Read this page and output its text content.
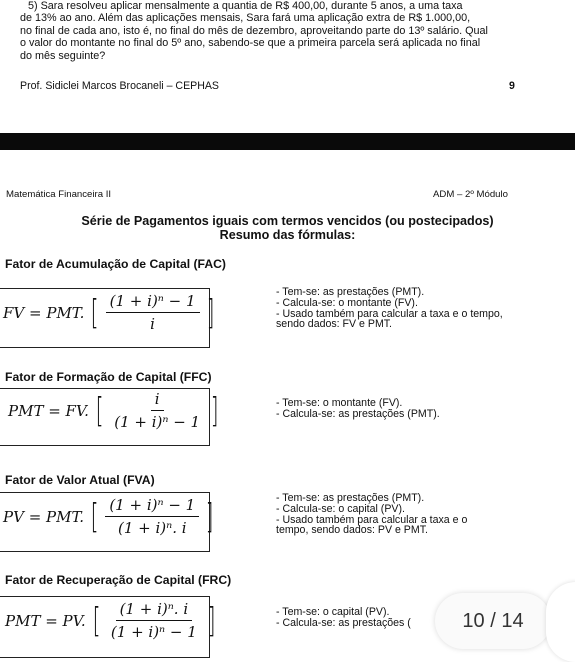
5) Sara resolveu aplicar mensalmente a quantia de R$ 400,00, durante 5 anos, a uma taxa
de 13% ao ano. Além das aplicações mensais, Sara fará uma aplicação extra de R$ 1.000,00,
no final de cada ano, isto é, no final do mês de dezembro, aproveitando parte do 13º salário. Qual
o valor do montante no final do 5º ano, sabendo-se que a primeira parcela será aplicada no final
do mês seguinte?
Prof. Sidiclei Marcos Brocaneli – CEPHAS	9
Matemática Financeira II	ADM – 2º Módulo
Série de Pagamentos iguais com termos vencidos (ou postecipados)
Resumo das fórmulas:
Fator de Acumulação de Capital (FAC)
FV = PMT. [ $\frac{\text{(1 + i)ⁿ − 1}}{i}$ ]
- Tem-se: as prestações (PMT).
- Calcula-se: o montante (FV).
- Usado também para calcular a taxa e o tempo,
sendo dados: FV e PMT.
Fator de Formação de Capital (FFC)
PMT = FV. [ $\frac{i}{\text{(1 + i)ⁿ − 1}}$ ]	- Tem-se: o montante (FV).
- Calcula-se: as prestações (PMT).
Fator de Valor Atual (FVA)
PV = PMT. [ $\frac{\text{(1 + i)ⁿ − 1}}{\text{(1 + i)ⁿ. i}}$ ]	- Tem-se: as prestações (PMT).
- Calcula-se: o capital (PV).
- Usado também para calcular a taxa e o
tempo, sendo dados: PV e PMT.
Fator de Recuperação de Capital (FRC)
PMT = PV. [ $\frac{\text{(1 + i)ⁿ. i}}{\text{(1 + i)ⁿ − 1}}$ ]	- Tem-se: o capital (PV).
- Calcula-se: as prestações (	10 / 14
